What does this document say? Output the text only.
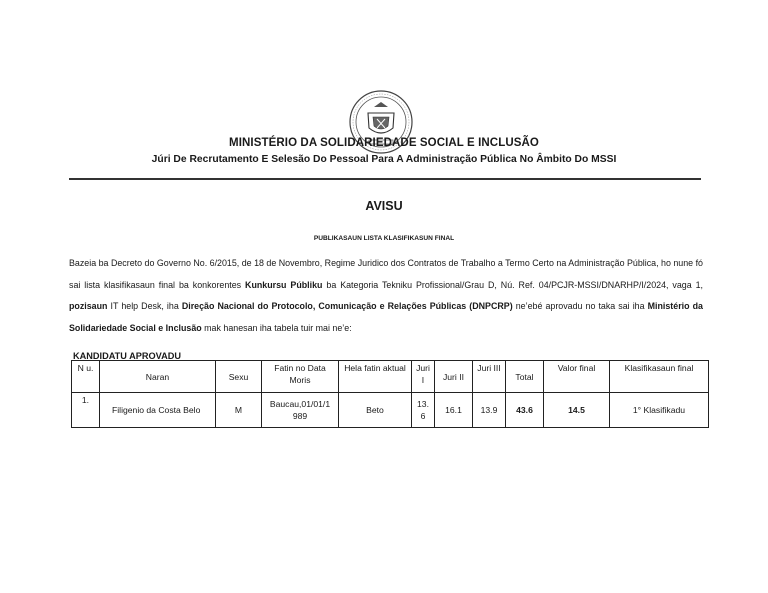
MINISTÉRIO DA SOLIDARIEDADE SOCIAL E INCLUSÃO
Júri De Recrutamento E Selesão Do Pessoal Para A Administração Pública No Âmbito Do MSSI
AVISU
PUBLIKASAUN LISTA KLASIFIKASUN FINAL

Bazeia ba Decreto do Governo No. 6/2015, de 18 de Novembro, Regime Juridico dos Contratos de Trabalho a Termo Certo na Administração Pública, ho nune fó sai lista klasifikasaun final ba konkorentes Kunkursu Públiku ba Kategoria Tekniku Profissional/Grau D, Nú. Ref. 04/PCJR-MSSI/DNARHP/I/2024, vaga 1, pozisaun IT help Desk, iha Direção Nacional do Protocolo, Comunicação e Relações Públicas (DNPCRP) ne’ebé aprovadu no taka sai iha Ministério da Solidariedade Social e Inclusão mak hanesan iha tabela tuir mai ne’e:

KANDIDATU APROVADU
N u.	Naran	Sexu	Fatin no Data Moris	Hela fatin aktual	Juri I	Juri II	Juri III	Total	Valor final	Klasifikasaun final
1.	Filigenio da Costa Belo	M	Baucau,01/01/1 989	Beto	13. 6	16.1	13.9	43.6	14.5	1° Klasifikadu
